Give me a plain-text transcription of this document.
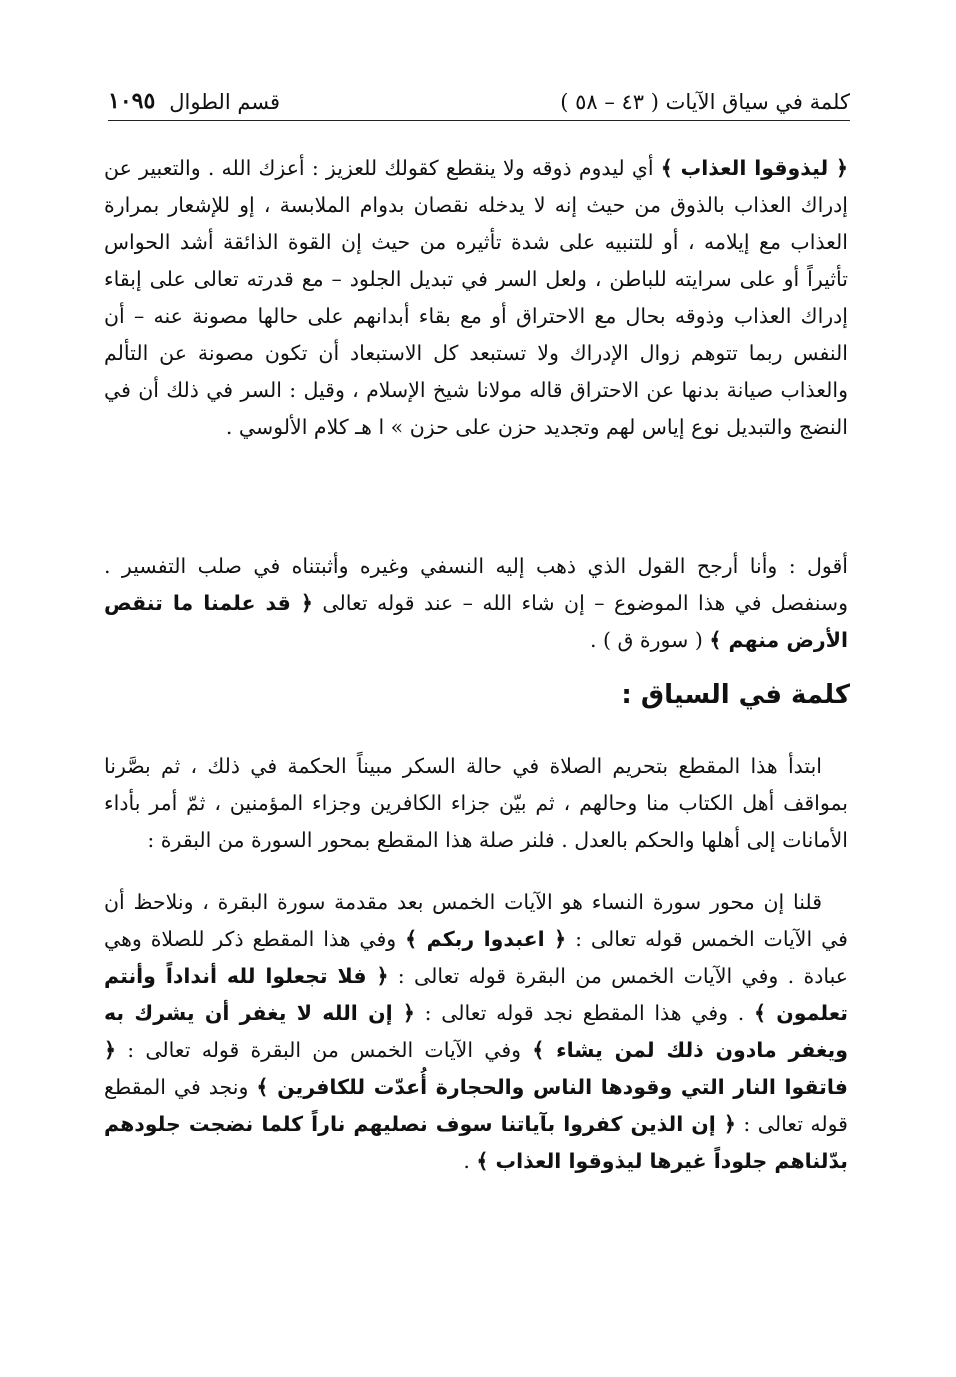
كلمة في سياق الآيات ( ٤٣ – ٥٨ )
قسم الطوال
١٠٩٥

﴿ ليذوقوا العذاب ﴾ أي ليدوم ذوقه ولا ينقطع كقولك للعزيز : أعزك الله . والتعبير عن إدراك العذاب بالذوق من حيث إنه لا يدخله نقصان بدوام الملابسة ، إو للإشعار بمرارة العذاب مع إيلامه ، أو للتنبيه على شدة تأثيره من حيث إن القوة الذائقة أشد الحواس تأثيراً أو على سرايته للباطن ، ولعل السر في تبديل الجلود – مع قدرته تعالى على إبقاء إدراك العذاب وذوقه بحال مع الاحتراق أو مع بقاء أبدانهم على حالها مصونة عنه – أن النفس ربما تتوهم زوال الإدراك ولا تستبعد كل الاستبعاد أن تكون مصونة عن التألم والعذاب صيانة بدنها عن الاحتراق قاله مولانا شيخ الإسلام ، وقيل : السر في ذلك أن في النضج والتبديل نوع إياس لهم وتجديد حزن على حزن » ا هـ كلام الألوسي .

أقول : وأنا أرجح القول الذي ذهب إليه النسفي وغيره وأثبتناه في صلب التفسير . وسنفصل في هذا الموضوع – إن شاء الله – عند قوله تعالى ﴿ قد علمنا ما تنقص الأرض منهم ﴾ ( سورة ق ) .

كلمة في السياق :

ابتدأ هذا المقطع بتحريم الصلاة في حالة السكر مبيناً الحكمة في ذلك ، ثم بصَّرنا بمواقف أهل الكتاب منا وحالهم ، ثم بيّن جزاء الكافرين وجزاء المؤمنين ، ثمّ أمر بأداء الأمانات إلى أهلها والحكم بالعدل . فلنر صلة هذا المقطع بمحور السورة من البقرة :

قلنا إن محور سورة النساء هو الآيات الخمس بعد مقدمة سورة البقرة ، ونلاحظ أن في الآيات الخمس قوله تعالى : ﴿ اعبدوا ربكم ﴾ وفي هذا المقطع ذكر للصلاة وهي عبادة . وفي الآيات الخمس من البقرة قوله تعالى : ﴿ فلا تجعلوا لله أنداداً وأنتم تعلمون ﴾ . وفي هذا المقطع نجد قوله تعالى : ﴿ إن الله لا يغفر أن يشرك به ويغفر مادون ذلك لمن يشاء ﴾ وفي الآيات الخمس من البقرة قوله تعالى : ﴿ فاتقوا النار التي وقودها الناس والحجارة أُعدّت للكافرين ﴾ ونجد في المقطع قوله تعالى : ﴿ إن الذين كفروا بآياتنا سوف نصليهم ناراً كلما نضجت جلودهم بدّلناهم جلوداً غيرها ليذوقوا العذاب ﴾ .
